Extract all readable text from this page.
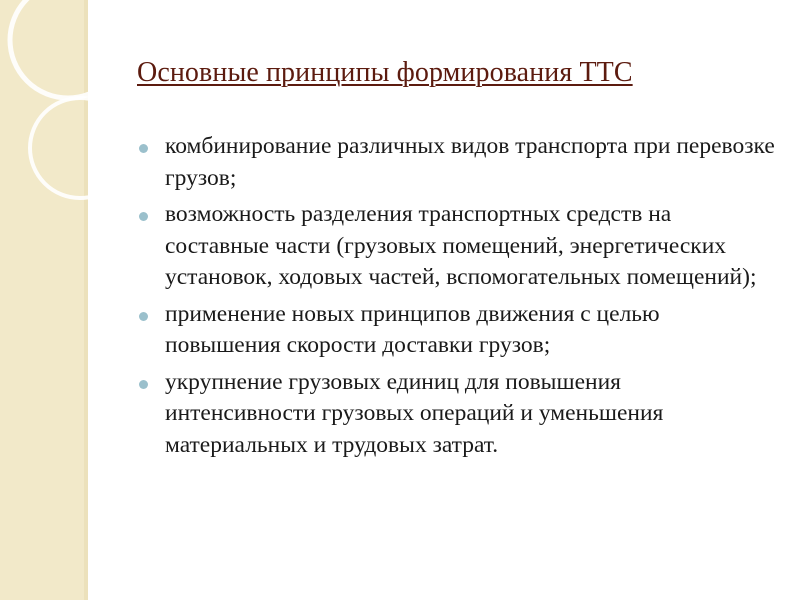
Основные принципы формирования ТТС
комбинирование различных видов транспорта при перевозке грузов;
возможность разделения транспортных средств на составные части (грузовых помещений, энергетических установок, ходовых частей, вспомогательных помещений);
применение новых принципов движения с целью повышения скорости доставки грузов;
укрупнение грузовых единиц для повышения интенсивности грузовых операций и уменьшения материальных и трудовых затрат.
